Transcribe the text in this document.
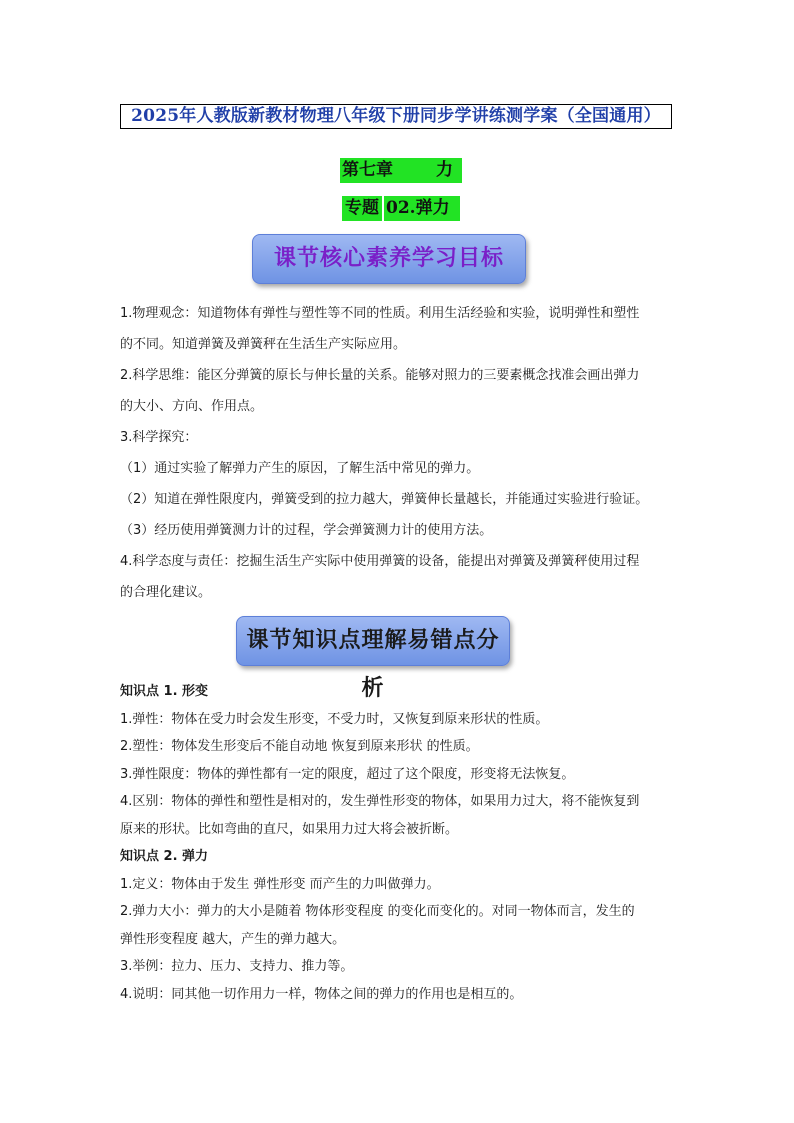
2025年人教版新教材物理八年级下册同步学讲练测学案（全国通用）
第七章	力
专题 02.弹力
课节核心素养学习目标
1.物理观念：知道物体有弹性与塑性等不同的性质。利用生活经验和实验，说明弹性和塑性
的不同。知道弹簧及弹簧秤在生活生产实际应用。
2.科学思维：能区分弹簧的原长与伸长量的关系。能够对照力的三要素概念找准会画出弹力
的大小、方向、作用点。
3.科学探究：
（1）通过实验了解弹力产生的原因，了解生活中常见的弹力。
（2）知道在弹性限度内，弹簧受到的拉力越大，弹簧伸长量越长，并能通过实验进行验证。
（3）经历使用弹簧测力计的过程，学会弹簧测力计的使用方法。
4.科学态度与责任：挖掘生活生产实际中使用弹簧的设备，能提出对弹簧及弹簧秤使用过程
的合理化建议。
课节知识点理解易错点分析
知识点 1. 形变
1.弹性：物体在受力时会发生形变，不受力时，又恢复到原来形状的性质。
2.塑性：物体发生形变后不能自动地 恢复到原来形状 的性质。
3.弹性限度：物体的弹性都有一定的限度，超过了这个限度，形变将无法恢复。
4.区别：物体的弹性和塑性是相对的，发生弹性形变的物体，如果用力过大，将不能恢复到
原来的形状。比如弯曲的直尺，如果用力过大将会被折断。
知识点 2. 弹力
1.定义：物体由于发生 弹性形变 而产生的力叫做弹力。
2.弹力大小：弹力的大小是随着 物体形变程度 的变化而变化的。对同一物体而言，发生的
弹性形变程度 越大，产生的弹力越大。
3.举例：拉力、压力、支持力、推力等。
4.说明：同其他一切作用力一样，物体之间的弹力的作用也是相互的。
